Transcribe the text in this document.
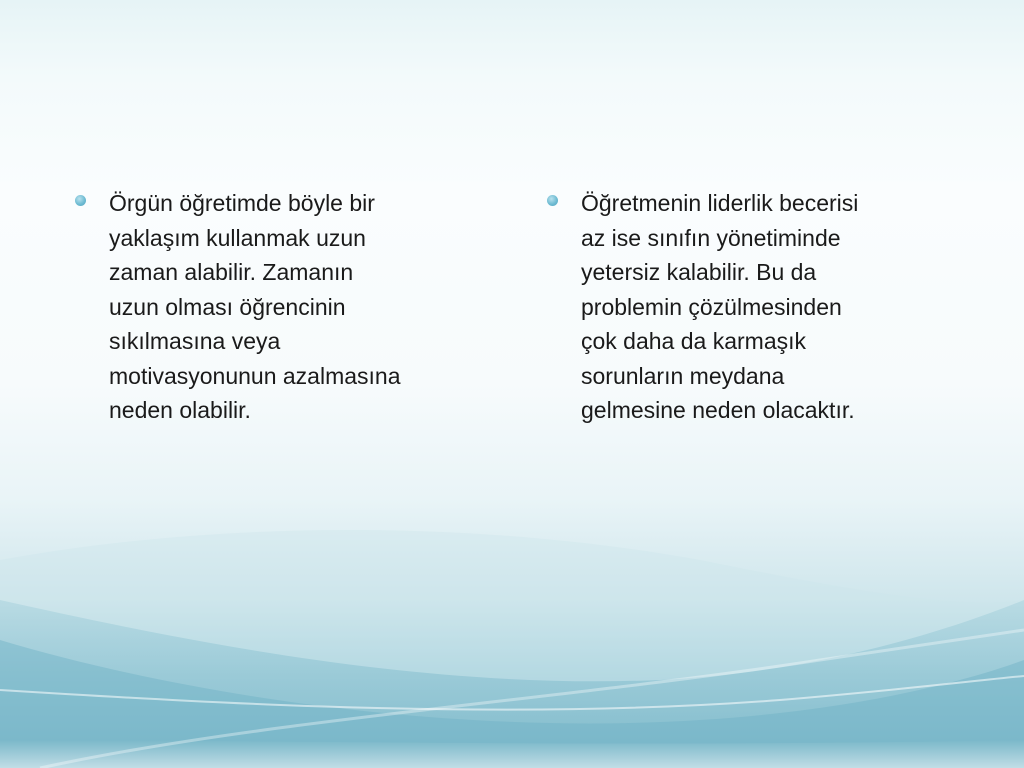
Örgün öğretimde böyle bir
yaklaşım kullanmak uzun
zaman alabilir. Zamanın
uzun olması öğrencinin
sıkılmasına veya
motivasyonunun azalmasına
neden olabilir.
Öğretmenin liderlik becerisi
az ise sınıfın yönetiminde
yetersiz kalabilir. Bu da
problemin çözülmesinden
çok daha da karmaşık
sorunların meydana
gelmesine neden olacaktır.
